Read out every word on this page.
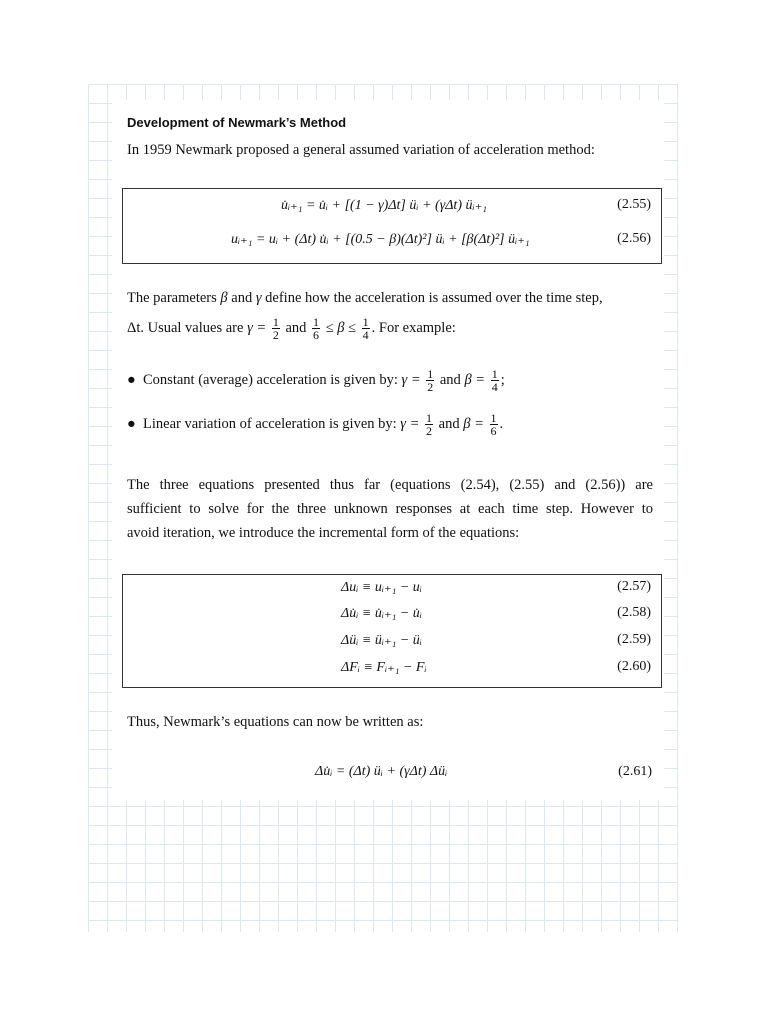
Development of Newmark’s Method
In 1959 Newmark proposed a general assumed variation of acceleration method:
u̇ᵢ₊₁ = u̇ᵢ + [(1 − γ)Δt] üᵢ + (γΔt) üᵢ₊₁	(2.55)
uᵢ₊₁ = uᵢ + (Δt) u̇ᵢ + [(0.5 − β)(Δt)²] üᵢ + [β(Δt)²] üᵢ₊₁	(2.56)
The parameters β and γ define how the acceleration is assumed over the time step,
Δt. Usual values are $\gamma = \frac{1}{2}$ and $\frac{1}{6} \le \beta \le \frac{1}{4}$ . For example:
● Constant (average) acceleration is given by: $\gamma = \frac{1}{2}$ and $\beta = \frac{1}{4}$ ;
● Linear variation of acceleration is given by: $\gamma = \frac{1}{2}$ and $\beta = \frac{1}{6}$ .
The three equations presented thus far (equations (2.54), (2.55) and (2.56)) are
sufficient to solve for the three unknown responses at each time step. However to
avoid iteration, we introduce the incremental form of the equations:
Δuᵢ ≡ uᵢ₊₁ − uᵢ	(2.57)
Δu̇ᵢ ≡ u̇ᵢ₊₁ − u̇ᵢ	(2.58)
Δüᵢ ≡ üᵢ₊₁ − üᵢ	(2.59)
ΔFᵢ ≡ Fᵢ₊₁ − Fᵢ	(2.60)
Thus, Newmark’s equations can now be written as:
Δu̇ᵢ = (Δt) üᵢ + (γΔt) Δüᵢ	(2.61)
